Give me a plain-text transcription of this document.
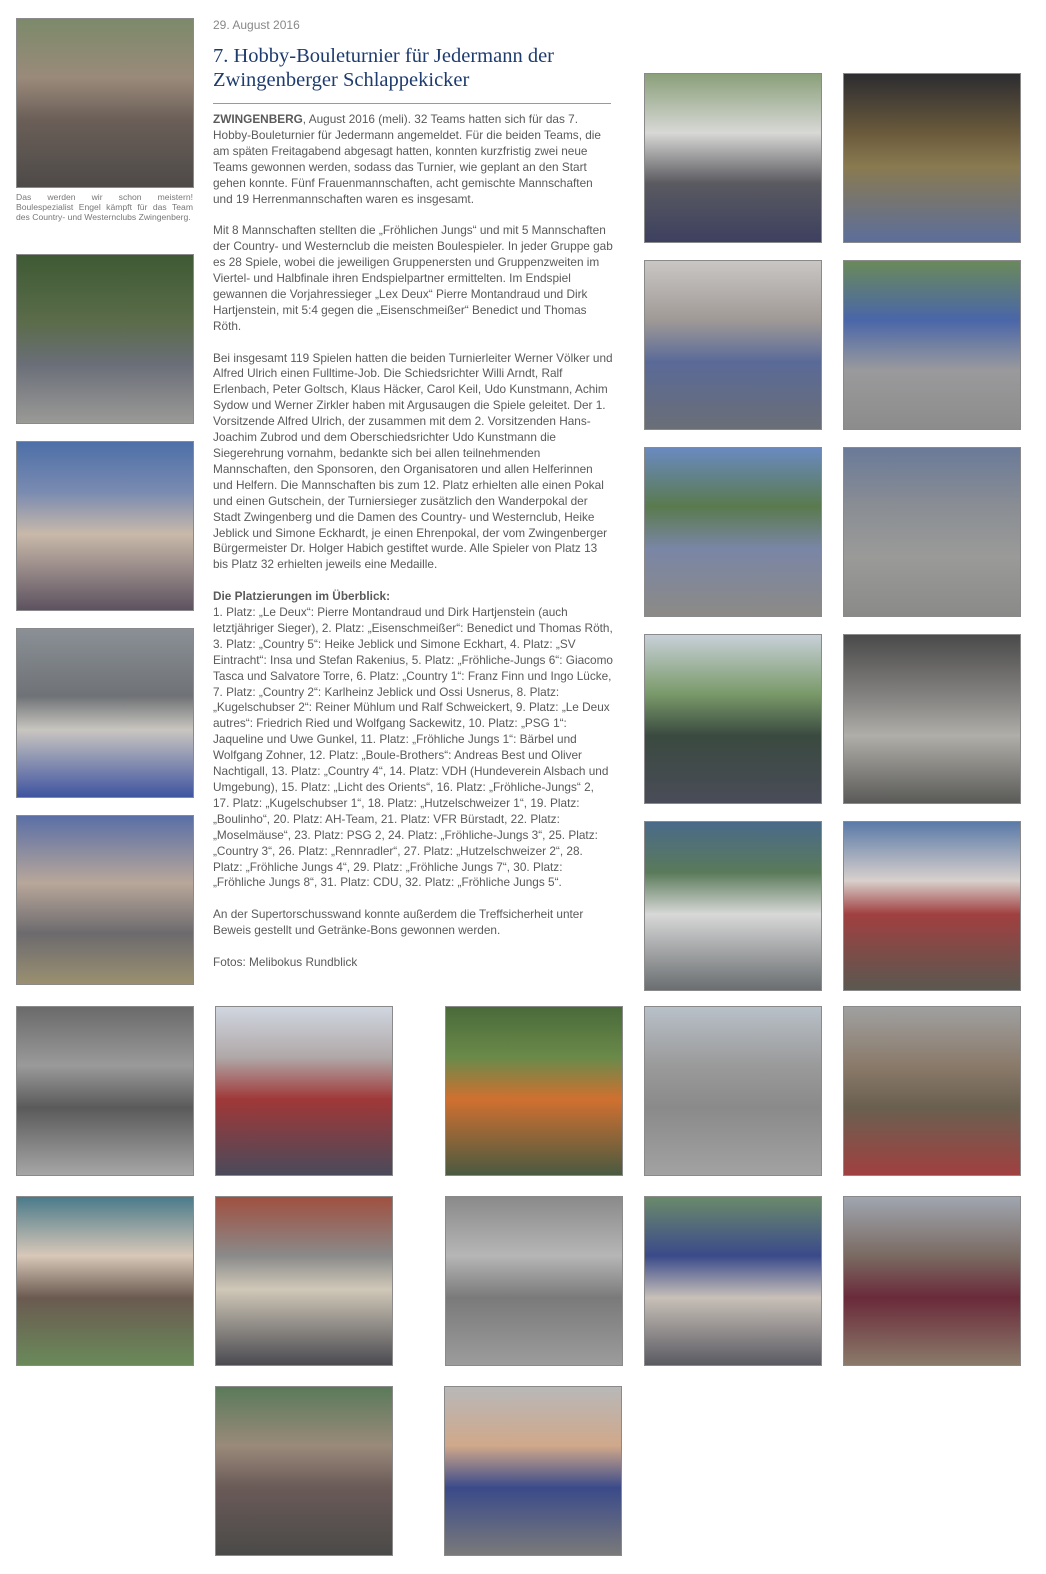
Das werden wir schon meistern! Boulespezialist Engel kämpft für das Team des Country- und Westernclubs Zwingenberg.
29. August 2016
7. Hobby-Bouleturnier für Jedermann der Zwingenberger Schlappekicker

ZWINGENBERG, August 2016 (meli). 32 Teams hatten sich für das 7. Hobby-Bouleturnier für Jedermann angemeldet. Für die beiden Teams, die am späten Freitagabend abgesagt hatten, konnten kurzfristig zwei neue Teams gewonnen werden, sodass das Turnier, wie geplant an den Start gehen konnte. Fünf Frauenmannschaften, acht gemischte Mannschaften und 19 Herrenmannschaften waren es insgesamt.

Mit 8 Mannschaften stellten die „Fröhlichen Jungs“ und mit 5 Mannschaften der Country- und Westernclub die meisten Boulespieler. In jeder Gruppe gab es 28 Spiele, wobei die jeweiligen Gruppenersten und Gruppenzweiten im Viertel- und Halbfinale ihren Endspielpartner ermittelten. Im Endspiel gewannen die Vorjahressieger „Lex Deux“ Pierre Montandraud und Dirk Hartjenstein, mit 5:4 gegen die „Eisenschmeißer“ Benedict und Thomas Röth.

Bei insgesamt 119 Spielen hatten die beiden Turnierleiter Werner Völker und Alfred Ulrich einen Fulltime-Job. Die Schiedsrichter Willi Arndt, Ralf Erlenbach, Peter Goltsch, Klaus Häcker, Carol Keil, Udo Kunstmann, Achim Sydow und Werner Zirkler haben mit Argusaugen die Spiele geleitet. Der 1. Vorsitzende Alfred Ulrich, der zusammen mit dem 2. Vorsitzenden Hans-Joachim Zubrod und dem Oberschiedsrichter Udo Kunstmann die Siegerehrung vornahm, bedankte sich bei allen teilnehmenden Mannschaften, den Sponsoren, den Organisatoren und allen Helferinnen und Helfern. Die Mannschaften bis zum 12. Platz erhielten alle einen Pokal und einen Gutschein, der Turniersieger zusätzlich den Wanderpokal der Stadt Zwingenberg und die Damen des Country- und Westernclub, Heike Jeblick und Simone Eckhardt, je einen Ehrenpokal, der vom Zwingenberger Bürgermeister Dr. Holger Habich gestiftet wurde. Alle Spieler von Platz 13 bis Platz 32 erhielten jeweils eine Medaille.

Die Platzierungen im Überblick:
1. Platz: „Le Deux“: Pierre Montandraud und Dirk Hartjenstein (auch letztjähriger Sieger), 2. Platz: „Eisenschmeißer“: Benedict und Thomas Röth, 3. Platz: „Country 5“: Heike Jeblick und Simone Eckhart, 4. Platz: „SV Eintracht“: Insa und Stefan Rakenius, 5. Platz: „Fröhliche-Jungs 6“: Giacomo Tasca und Salvatore Torre, 6. Platz: „Country 1“: Franz Finn und Ingo Lücke, 7. Platz: „Country 2“: Karlheinz Jeblick und Ossi Usnerus, 8. Platz: „Kugelschubser 2“: Reiner Mühlum und Ralf Schweickert, 9. Platz: „Le Deux autres“: Friedrich Ried und Wolfgang Sackewitz, 10. Platz: „PSG 1“: Jaqueline und Uwe Gunkel, 11. Platz: „Fröhliche Jungs 1“: Bärbel und Wolfgang Zohner, 12. Platz: „Boule-Brothers“: Andreas Best und Oliver Nachtigall, 13. Platz: „Country 4“, 14. Platz: VDH (Hundeverein Alsbach und Umgebung), 15. Platz: „Licht des Orients“, 16. Platz: „Fröhliche-Jungs“ 2, 17. Platz: „Kugelschubser 1“, 18. Platz: „Hutzelschweizer 1“, 19. Platz: „Boulinho“, 20. Platz: AH-Team, 21. Platz: VFR Bürstadt, 22. Platz: „Moselmäuse“, 23. Platz: PSG 2, 24. Platz: „Fröhliche-Jungs 3“, 25. Platz: „Country 3“, 26. Platz: „Rennradler“, 27. Platz: „Hutzelschweizer 2“, 28. Platz: „Fröhliche Jungs 4“, 29. Platz: „Fröhliche Jungs 7“, 30. Platz: „Fröhliche Jungs 8“, 31. Platz: CDU, 32. Platz: „Fröhliche Jungs 5“.

An der Supertorschusswand konnte außerdem die Treffsicherheit unter Beweis gestellt und Getränke-Bons gewonnen werden.

Fotos: Melibokus Rundblick
